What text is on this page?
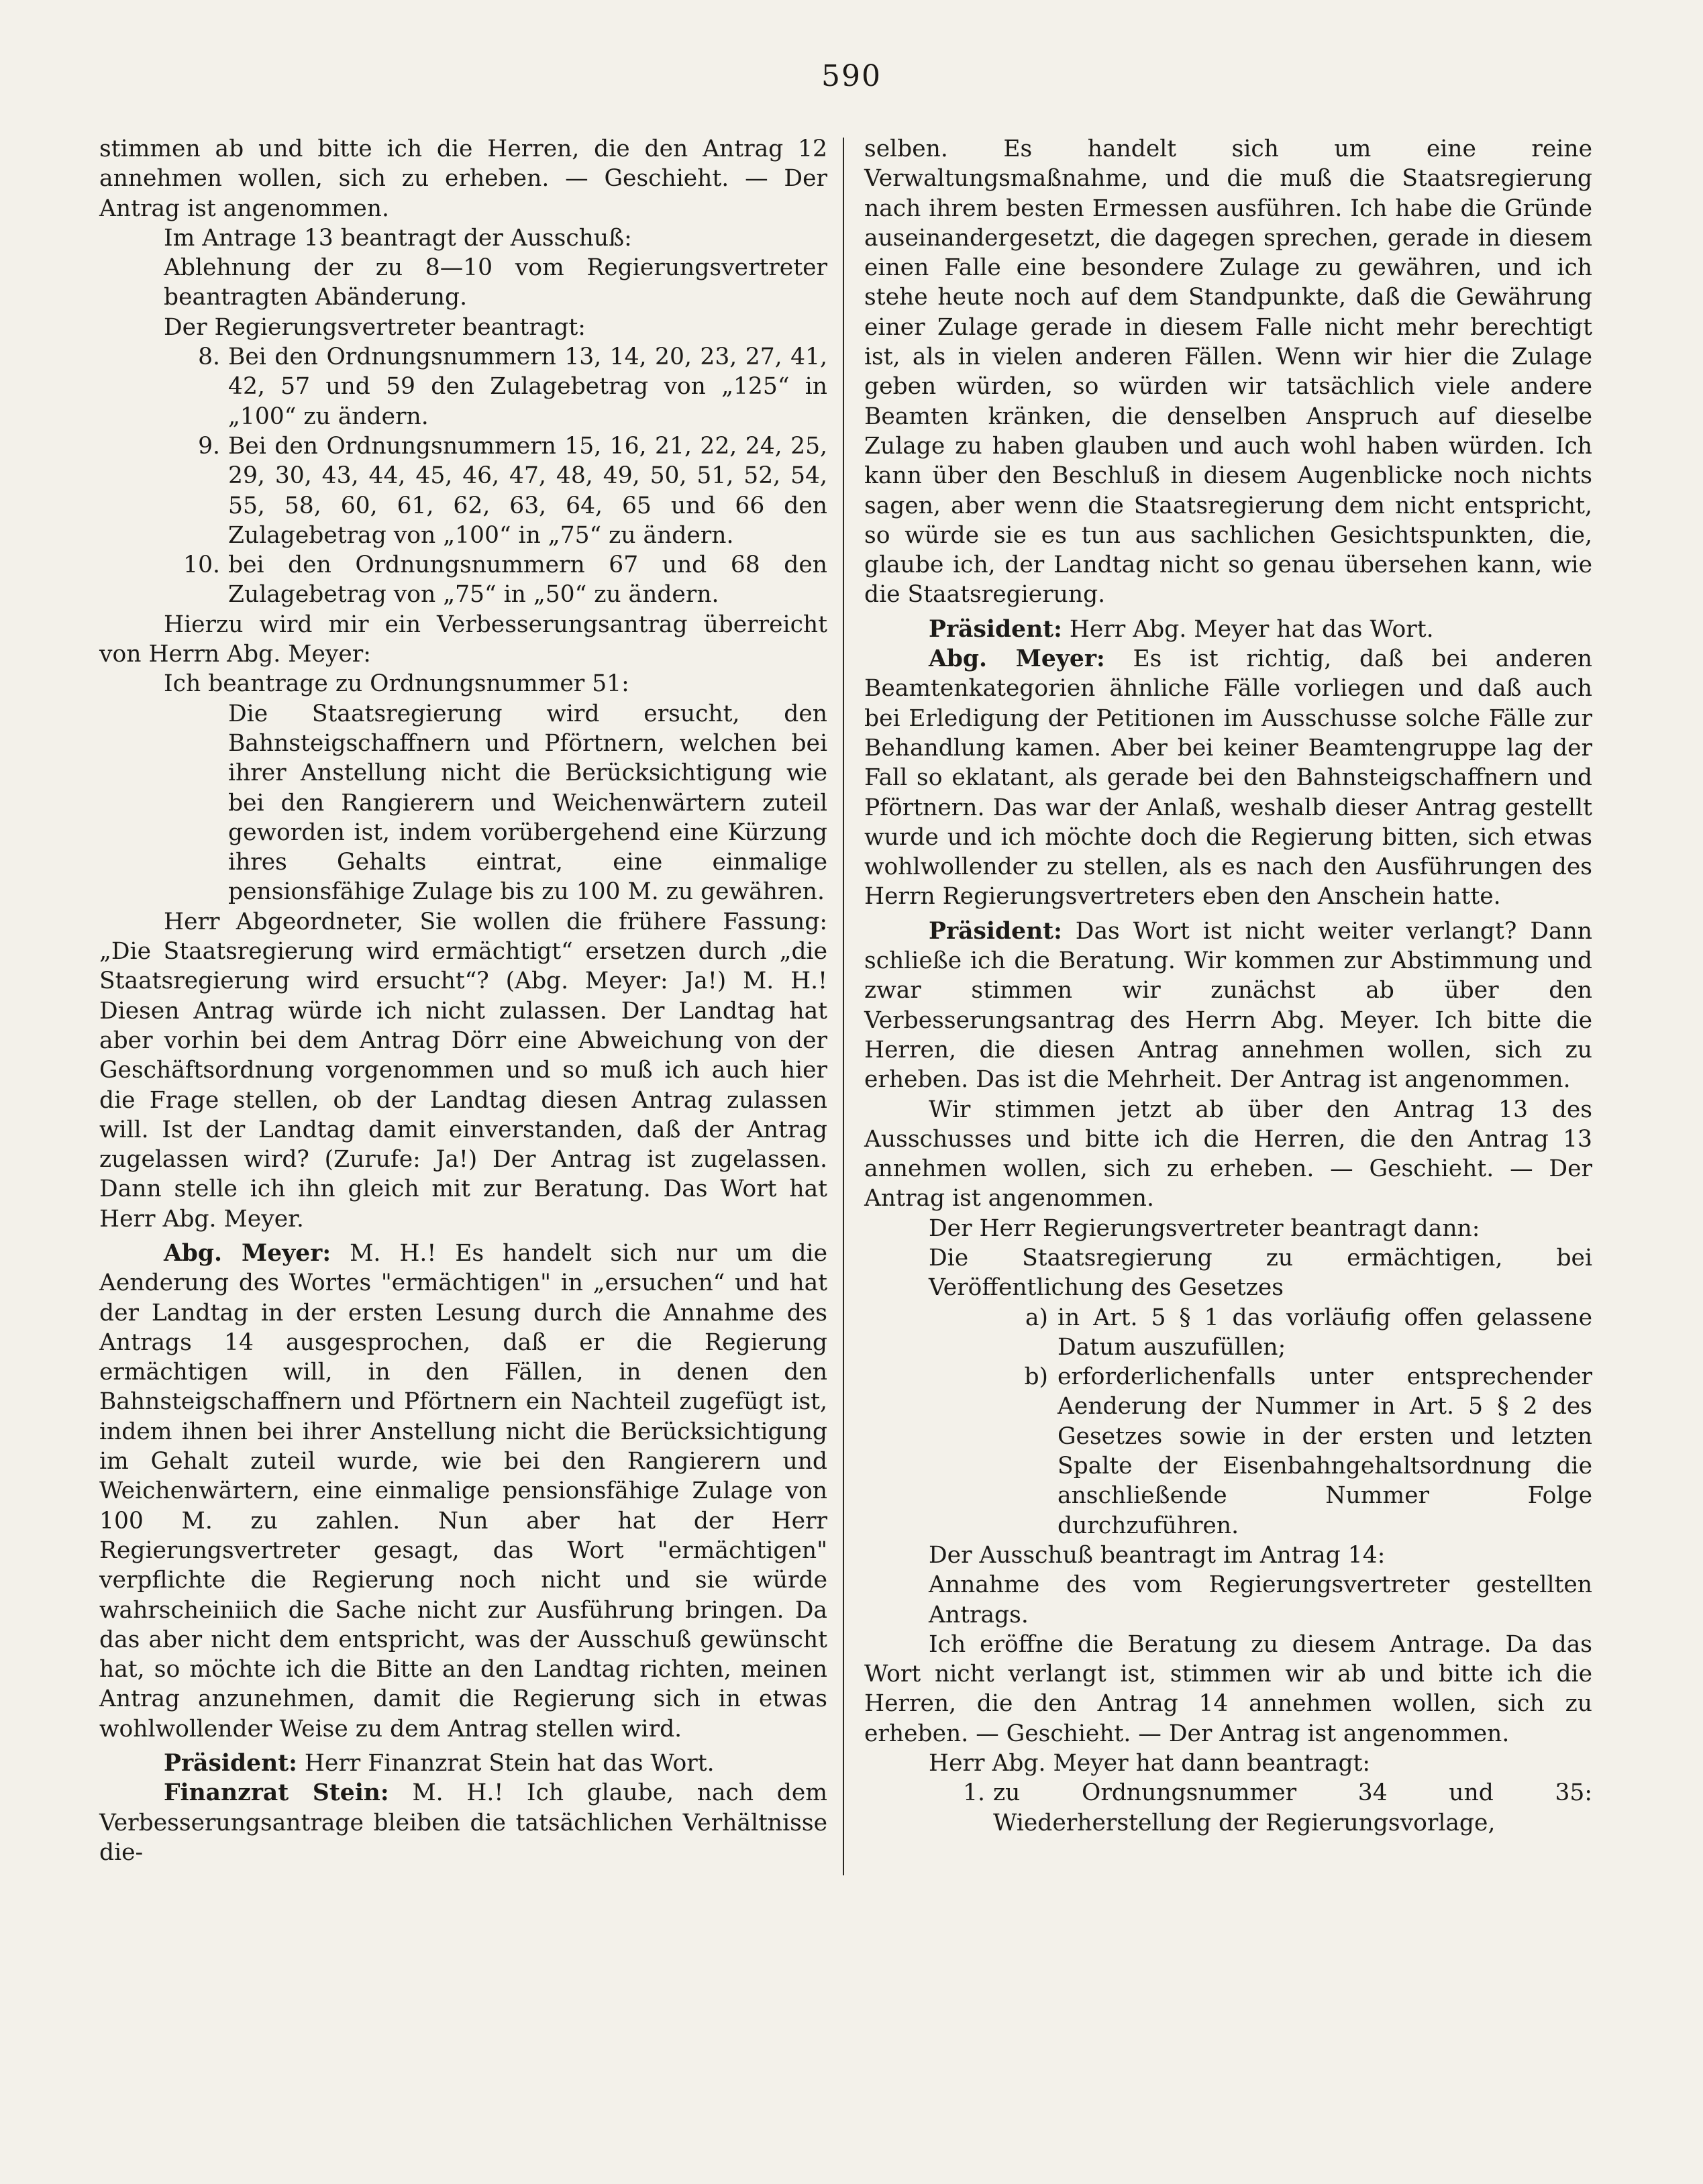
590

stimmen ab und bitte ich die Herren, die den Antrag 12 annehmen wollen, sich zu erheben. — Geschieht. — Der Antrag ist angenommen.

Im Antrage 13 beantragt der Ausschuß:

Ablehnung der zu 8—10 vom Regierungsvertreter beantragten Abänderung.

Der Regierungsvertreter beantragt:

8. Bei den Ordnungsnummern 13, 14, 20, 23, 27, 41, 42, 57 und 59 den Zulagebetrag von „125“ in „100“ zu ändern.
9. Bei den Ordnungsnummern 15, 16, 21, 22, 24, 25, 29, 30, 43, 44, 45, 46, 47, 48, 49, 50, 51, 52, 54, 55, 58, 60, 61, 62, 63, 64, 65 und 66 den Zulagebetrag von „100“ in „75“ zu ändern.
10. bei den Ordnungsnummern 67 und 68 den Zulagebetrag von „75“ in „50“ zu ändern.

Hierzu wird mir ein Verbesserungsantrag überreicht von Herrn Abg. Meyer:

Ich beantrage zu Ordnungsnummer 51:

Die Staatsregierung wird ersucht, den Bahnsteigschaffnern und Pförtnern, welchen bei ihrer Anstellung nicht die Berücksichtigung wie bei den Rangierern und Weichenwärtern zuteil geworden ist, indem vorübergehend eine Kürzung ihres Gehalts eintrat, eine einmalige pensionsfähige Zulage bis zu 100 M. zu gewähren.

Herr Abgeordneter, Sie wollen die frühere Fassung: „Die Staatsregierung wird ermächtigt“ ersetzen durch „die Staatsregierung wird ersucht“? (Abg. Meyer: Ja!) M. H.! Diesen Antrag würde ich nicht zulassen. Der Landtag hat aber vorhin bei dem Antrag Dörr eine Abweichung von der Geschäftsordnung vorgenommen und so muß ich auch hier die Frage stellen, ob der Landtag diesen Antrag zulassen will. Ist der Landtag damit einverstanden, daß der Antrag zugelassen wird? (Zurufe: Ja!) Der Antrag ist zugelassen. Dann stelle ich ihn gleich mit zur Beratung. Das Wort hat Herr Abg. Meyer.

Abg. Meyer: M. H.! Es handelt sich nur um die Aenderung des Wortes "ermächtigen" in „ersuchen“ und hat der Landtag in der ersten Lesung durch die Annahme des Antrags 14 ausgesprochen, daß er die Regierung ermächtigen will, in den Fällen, in denen den Bahnsteigschaffnern und Pförtnern ein Nachteil zugefügt ist, indem ihnen bei ihrer Anstellung nicht die Berücksichtigung im Gehalt zuteil wurde, wie bei den Rangierern und Weichenwärtern, eine einmalige pensionsfähige Zulage von 100 M. zu zahlen. Nun aber hat der Herr Regierungsvertreter gesagt, das Wort "ermächtigen" verpflichte die Regierung noch nicht und sie würde wahrscheiniich die Sache nicht zur Ausführung bringen. Da das aber nicht dem entspricht, was der Ausschuß gewünscht hat, so möchte ich die Bitte an den Landtag richten, meinen Antrag anzunehmen, damit die Regierung sich in etwas wohlwollender Weise zu dem Antrag stellen wird.

Präsident: Herr Finanzrat Stein hat das Wort.

Finanzrat Stein: M. H.! Ich glaube, nach dem Verbesserungsantrage bleiben die tatsächlichen Verhältnisse die-

selben. Es handelt sich um eine reine Verwaltungsmaßnahme, und die muß die Staatsregierung nach ihrem besten Ermessen ausführen. Ich habe die Gründe auseinandergesetzt, die dagegen sprechen, gerade in diesem einen Falle eine besondere Zulage zu gewähren, und ich stehe heute noch auf dem Standpunkte, daß die Gewährung einer Zulage gerade in diesem Falle nicht mehr berechtigt ist, als in vielen anderen Fällen. Wenn wir hier die Zulage geben würden, so würden wir tatsächlich viele andere Beamten kränken, die denselben Anspruch auf dieselbe Zulage zu haben glauben und auch wohl haben würden. Ich kann über den Beschluß in diesem Augenblicke noch nichts sagen, aber wenn die Staatsregierung dem nicht entspricht, so würde sie es tun aus sachlichen Gesichtspunkten, die, glaube ich, der Landtag nicht so genau übersehen kann, wie die Staatsregierung.

Präsident: Herr Abg. Meyer hat das Wort.

Abg. Meyer: Es ist richtig, daß bei anderen Beamtenkategorien ähnliche Fälle vorliegen und daß auch bei Erledigung der Petitionen im Ausschusse solche Fälle zur Behandlung kamen. Aber bei keiner Beamtengruppe lag der Fall so eklatant, als gerade bei den Bahnsteigschaffnern und Pförtnern. Das war der Anlaß, weshalb dieser Antrag gestellt wurde und ich möchte doch die Regierung bitten, sich etwas wohlwollender zu stellen, als es nach den Ausführungen des Herrn Regierungsvertreters eben den Anschein hatte.

Präsident: Das Wort ist nicht weiter verlangt? Dann schließe ich die Beratung. Wir kommen zur Abstimmung und zwar stimmen wir zunächst ab über den Verbesserungsantrag des Herrn Abg. Meyer. Ich bitte die Herren, die diesen Antrag annehmen wollen, sich zu erheben. Das ist die Mehrheit. Der Antrag ist angenommen.

Wir stimmen jetzt ab über den Antrag 13 des Ausschusses und bitte ich die Herren, die den Antrag 13 annehmen wollen, sich zu erheben. — Geschieht. — Der Antrag ist angenommen.

Der Herr Regierungsvertreter beantragt dann:

Die Staatsregierung zu ermächtigen, bei Veröffentlichung des Gesetzes

a) in Art. 5 § 1 das vorläufig offen gelassene Datum auszufüllen;
b) erforderlichenfalls unter entsprechender Aenderung der Nummer in Art. 5 § 2 des Gesetzes sowie in der ersten und letzten Spalte der Eisenbahngehaltsordnung die anschließende Nummer Folge durchzuführen.

Der Ausschuß beantragt im Antrag 14:

Annahme des vom Regierungsvertreter gestellten Antrags.

Ich eröffne die Beratung zu diesem Antrage. Da das Wort nicht verlangt ist, stimmen wir ab und bitte ich die Herren, die den Antrag 14 annehmen wollen, sich zu erheben. — Geschieht. — Der Antrag ist angenommen.

Herr Abg. Meyer hat dann beantragt:

1. zu Ordnungsnummer 34 und 35: Wiederherstellung der Regierungsvorlage,
